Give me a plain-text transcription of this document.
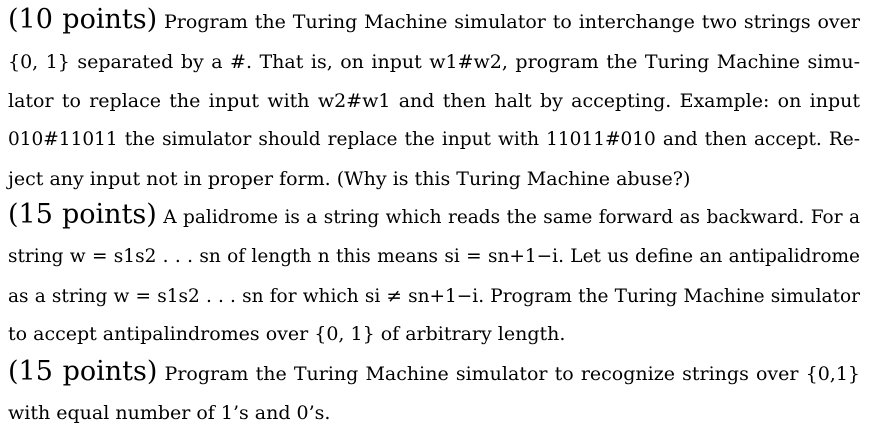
(10 points) Program the Turing Machine simulator to interchange two strings over
{0, 1} separated by a #. That is, on input w1#w2, program the Turing Machine simu-
lator to replace the input with w2#w1 and then halt by accepting. Example: on input
010#11011 the simulator should replace the input with 11011#010 and then accept. Re-
ject any input not in proper form. (Why is this Turing Machine abuse?)
(15 points) A palidrome is a string which reads the same forward as backward. For a
string w = s1s2 . . . sn of length n this means si = sn+1−i. Let us define an antipalidrome
as a string w = s1s2 . . . sn for which si ≠ sn+1−i. Program the Turing Machine simulator
to accept antipalindromes over {0, 1} of arbitrary length.
(15 points) Program the Turing Machine simulator to recognize strings over {0,1}
with equal number of 1’s and 0’s.
